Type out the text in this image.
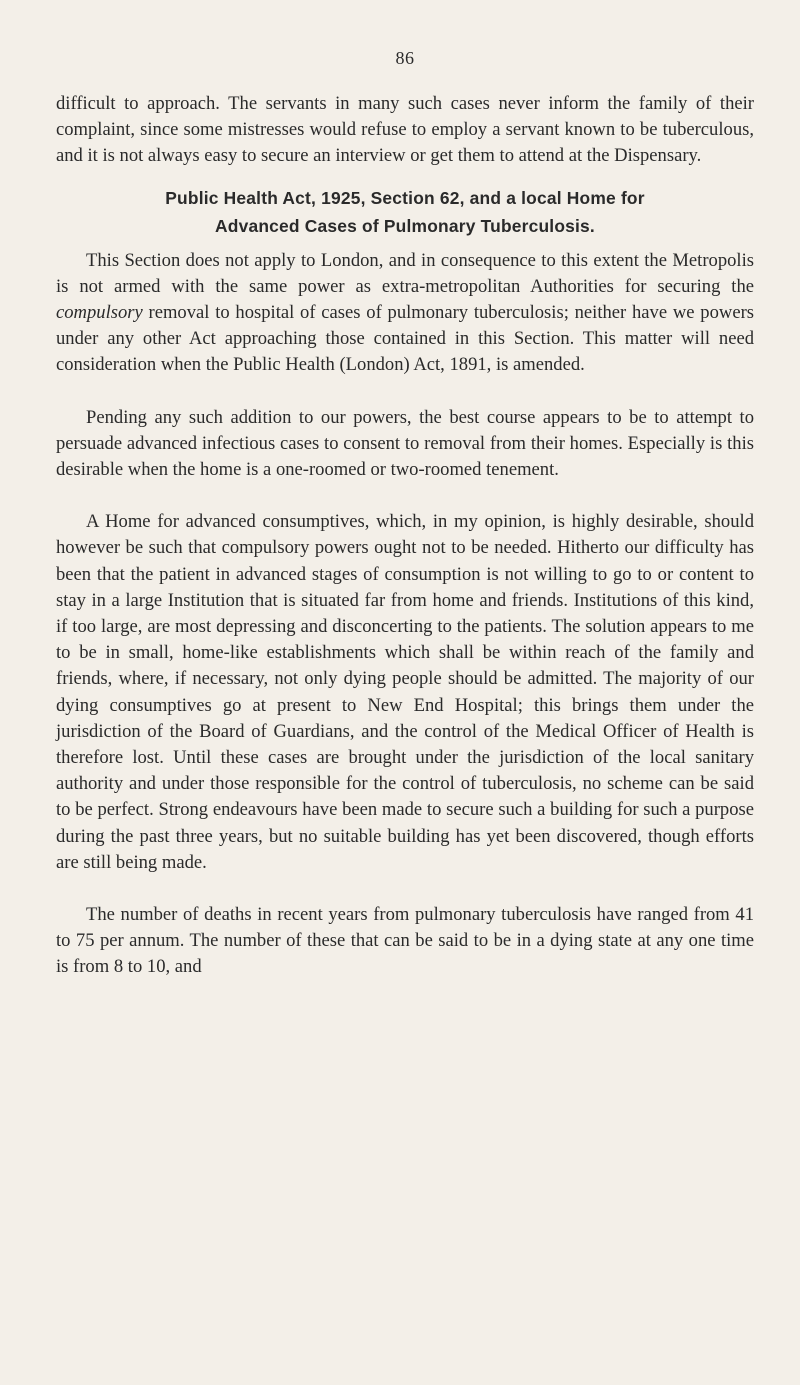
86

difficult to approach. The servants in many such cases never inform the family of their complaint, since some mistresses would refuse to employ a servant known to be tuberculous, and it is not always easy to secure an interview or get them to attend at the Dispensary.

Public Health Act, 1925, Section 62, and a local Home for
Advanced Cases of Pulmonary Tuberculosis.

This Section does not apply to London, and in consequence to this extent the Metropolis is not armed with the same power as extra-metropolitan Authorities for securing the compulsory removal to hospital of cases of pulmonary tuberculosis; neither have we powers under any other Act approaching those contained in this Section. This matter will need consideration when the Public Health (London) Act, 1891, is amended.

Pending any such addition to our powers, the best course appears to be to attempt to persuade advanced infectious cases to consent to removal from their homes. Especially is this desirable when the home is a one-roomed or two-roomed tenement.

A Home for advanced consumptives, which, in my opinion, is highly desirable, should however be such that compulsory powers ought not to be needed. Hitherto our difficulty has been that the patient in advanced stages of consumption is not willing to go to or content to stay in a large Institution that is situated far from home and friends. Institutions of this kind, if too large, are most depressing and disconcerting to the patients. The solution appears to me to be in small, home-like establishments which shall be within reach of the family and friends, where, if necessary, not only dying people should be admitted. The majority of our dying consumptives go at present to New End Hospital; this brings them under the jurisdiction of the Board of Guardians, and the control of the Medical Officer of Health is therefore lost. Until these cases are brought under the jurisdiction of the local sanitary authority and under those responsible for the control of tuberculosis, no scheme can be said to be perfect. Strong endeavours have been made to secure such a building for such a purpose during the past three years, but no suitable building has yet been discovered, though efforts are still being made.

The number of deaths in recent years from pulmonary tuberculosis have ranged from 41 to 75 per annum. The number of these that can be said to be in a dying state at any one time is from 8 to 10, and
